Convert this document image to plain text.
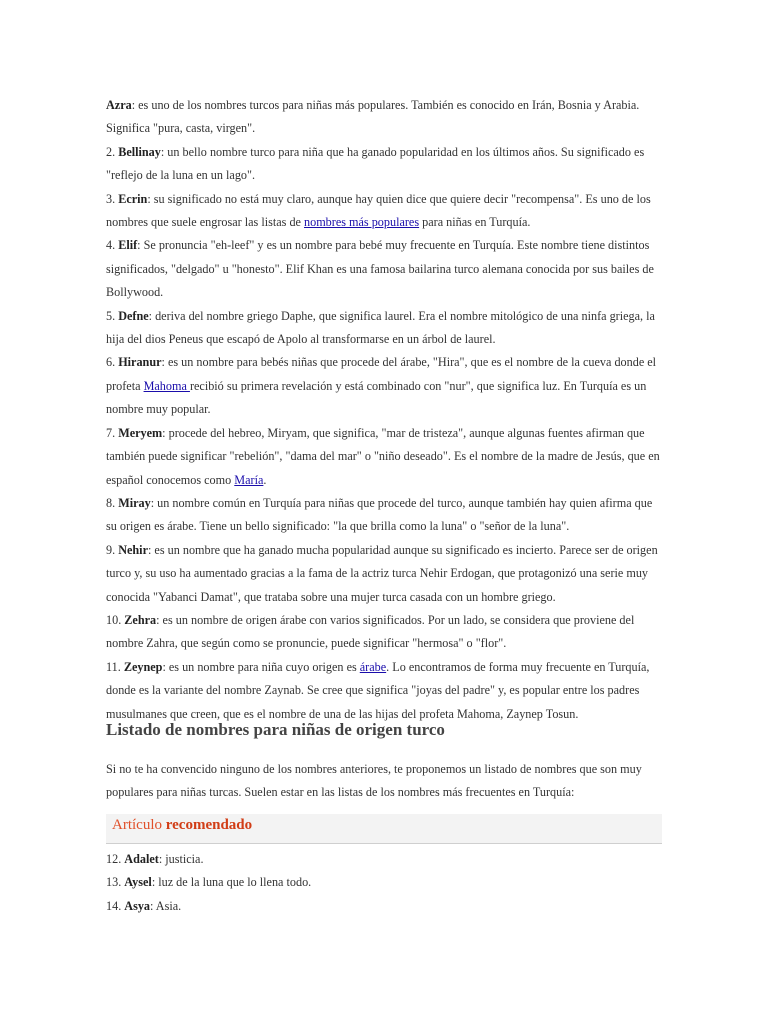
Azra: es uno de los nombres turcos para niñas más populares. También es conocido en Irán, Bosnia y Arabia. Significa "pura, casta, virgen".

2. Bellinay: un bello nombre turco para niña que ha ganado popularidad en los últimos años. Su significado es "reflejo de la luna en un lago".

3. Ecrin: su significado no está muy claro, aunque hay quien dice que quiere decir "recompensa". Es uno de los nombres que suele engrosar las listas de nombres más populares para niñas en Turquía.

4. Elif: Se pronuncia "eh-leef" y es un nombre para bebé muy frecuente en Turquía. Este nombre tiene distintos significados, "delgado" u "honesto". Elif Khan es una famosa bailarina turco alemana conocida por sus bailes de Bollywood.

5. Defne: deriva del nombre griego Daphe, que significa laurel. Era el nombre mitológico de una ninfa griega, la hija del dios Peneus que escapó de Apolo al transformarse en un árbol de laurel.

6. Hiranur: es un nombre para bebés niñas que procede del árabe, "Hira", que es el nombre de la cueva donde el profeta Mahoma recibió su primera revelación y está combinado con "nur", que significa luz. En Turquía es un nombre muy popular.

7. Meryem: procede del hebreo, Miryam, que significa, "mar de tristeza", aunque algunas fuentes afirman que también puede significar "rebelión", "dama del mar" o "niño deseado". Es el nombre de la madre de Jesús, que en español conocemos como María.

8. Miray: un nombre común en Turquía para niñas que procede del turco, aunque también hay quien afirma que su origen es árabe. Tiene un bello significado: "la que brilla como la luna" o "señor de la luna".

9. Nehir: es un nombre que ha ganado mucha popularidad aunque su significado es incierto. Parece ser de origen turco y, su uso ha aumentado gracias a la fama de la actriz turca Nehir Erdogan, que protagonizó una serie muy conocida "Yabanci Damat", que trataba sobre una mujer turca casada con un hombre griego.

10. Zehra: es un nombre de origen árabe con varios significados. Por un lado, se considera que proviene del nombre Zahra, que según como se pronuncie, puede significar "hermosa" o "flor".

11. Zeynep: es un nombre para niña cuyo origen es árabe. Lo encontramos de forma muy frecuente en Turquía, donde es la variante del nombre Zaynab. Se cree que significa "joyas del padre" y, es popular entre los padres musulmanes que creen, que es el nombre de una de las hijas del profeta Mahoma, Zaynep Tosun.

Listado de nombres para niñas de origen turco

Si no te ha convencido ninguno de los nombres anteriores, te proponemos un listado de nombres que son muy populares para niñas turcas. Suelen estar en las listas de los nombres más frecuentes en Turquía:

Artículo recomendado

12. Adalet: justicia.

13. Aysel: luz de la luna que lo llena todo.

14. Asya: Asia.
